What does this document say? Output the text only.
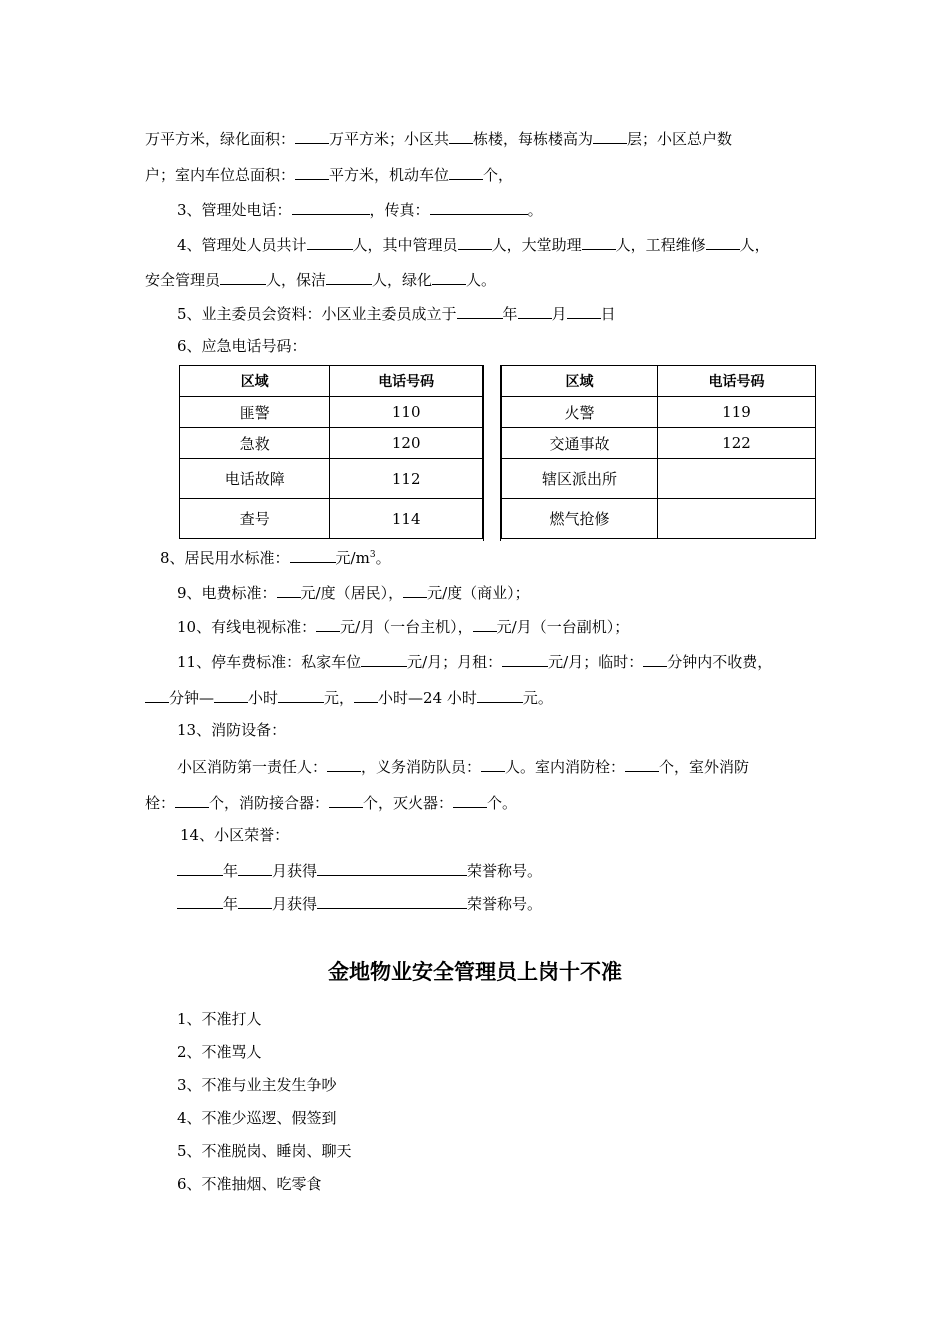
万平方米，绿化面积： 万平方米；小区共 栋楼，每栋楼高为 层；小区总户数
户；室内车位总面积： 平方米，机动车位 个，
3、管理处电话：	，传真：	。
4、管理处人员共计	人，其中管理员 人，大堂助理 人，工程维修 人，
安全管理员	人，保洁	人，绿化 人。
5、业主委员会资料：小区业主委员成立于	年 月 日
6、应急电话号码：
区域	电话号码
匪警	110
急救	120
电话故障	112
查号	114
区域	电话号码
火警	119
交通事故	122
辖区派出所	
燃气抢修	
8、居民用水标准：	元$/m^3$。
9、电费标准： 元/度（居民）， 元/度（商业）；
10、有线电视标准： 元/月（一台主机）， 元/月（一台副机）；
11、停车费标准：私家车位	元/月；月租：	元/月；临时： 分钟内不收费，
分钟— 小时	元， 小时—24 小时	元。
13、消防设备：
小区消防第一责任人： ，义务消防队员： 人。室内消防栓： 个，室外消防
栓： 个，消防接合器： 个，灭火器： 个。
14、小区荣誉：
年 月获得	荣誉称号。
年 月获得	荣誉称号。
金地物业安全管理员上岗十不准
1、不准打人
2、不准骂人
3、不准与业主发生争吵
4、不准少巡逻、假签到
5、不准脱岗、睡岗、聊天
6、不准抽烟、吃零食
